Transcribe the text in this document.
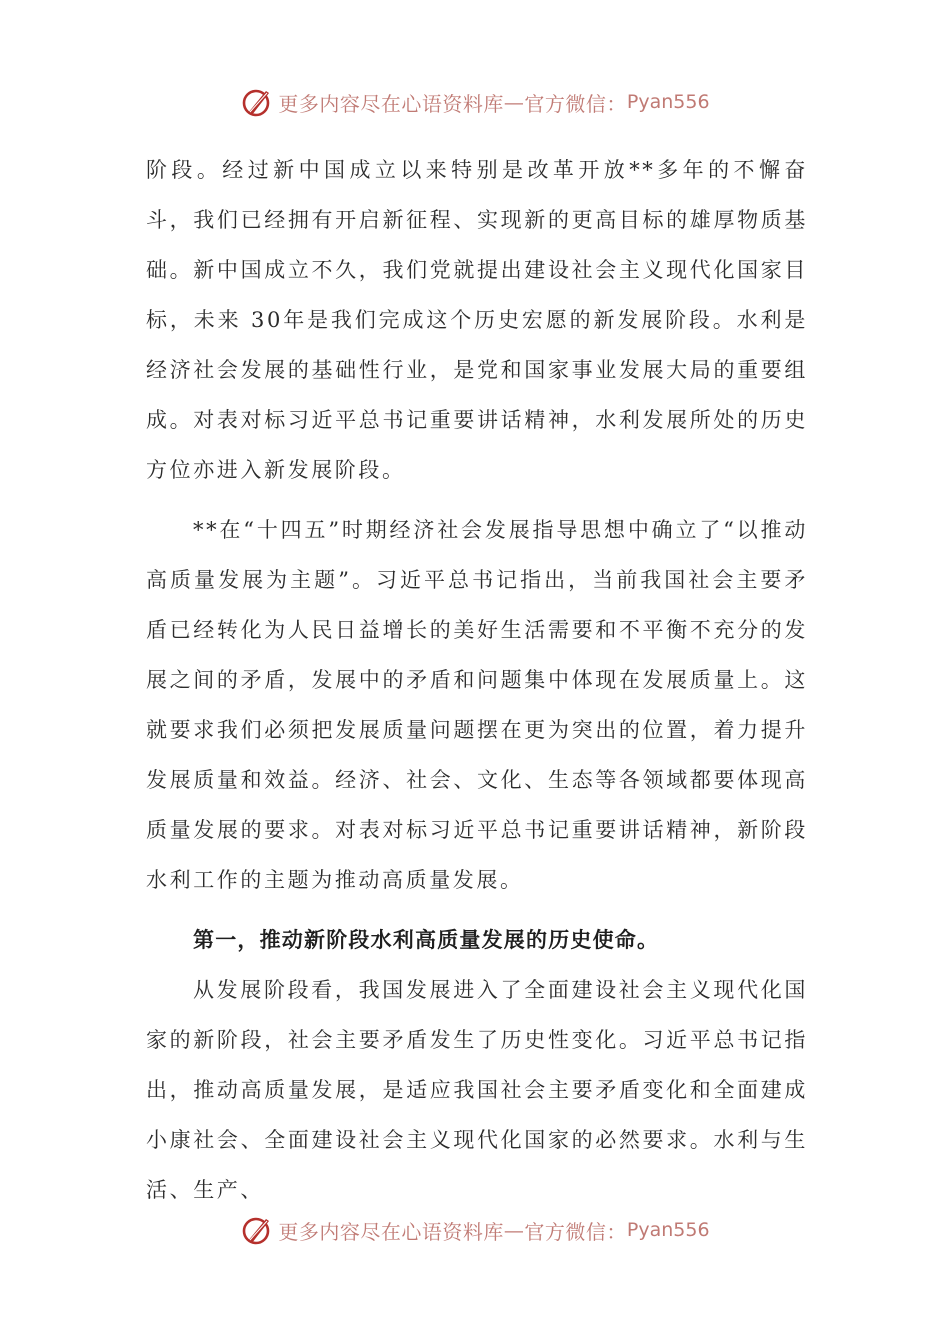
更多内容尽在心语资料库 — 官方微信： Pyan556

阶段。经过新中国成立以来特别是改革开放**多年的不懈奋斗，我们已经拥有开启新征程、实现新的更高目标的雄厚物质基础。新中国成立不久，我们党就提出建设社会主义现代化国家目标，未来 30年是我们完成这个历史宏愿的新发展阶段。水利是经济社会发展的基础性行业，是党和国家事业发展大局的重要组成。对表对标习近平总书记重要讲话精神，水利发展所处的历史方位亦进入新发展阶段。

**在“十四五”时期经济社会发展指导思想中确立了“以推动高质量发展为主题”。习近平总书记指出，当前我国社会主要矛盾已经转化为人民日益增长的美好生活需要和不平衡不充分的发展之间的矛盾，发展中的矛盾和问题集中体现在发展质量上。这就要求我们必须把发展质量问题摆在更为突出的位置，着力提升发展质量和效益。经济、社会、文化、生态等各领域都要体现高质量发展的要求。对表对标习近平总书记重要讲话精神，新阶段水利工作的主题为推动高质量发展。

第一，推动新阶段水利高质量发展的历史使命。

从发展阶段看，我国发展进入了全面建设社会主义现代化国家的新阶段，社会主要矛盾发生了历史性变化。习近平总书记指出，推动高质量发展，是适应我国社会主要矛盾变化和全面建成小康社会、全面建设社会主义现代化国家的必然要求。水利与生活、生产、

更多内容尽在心语资料库 — 官方微信： Pyan556
